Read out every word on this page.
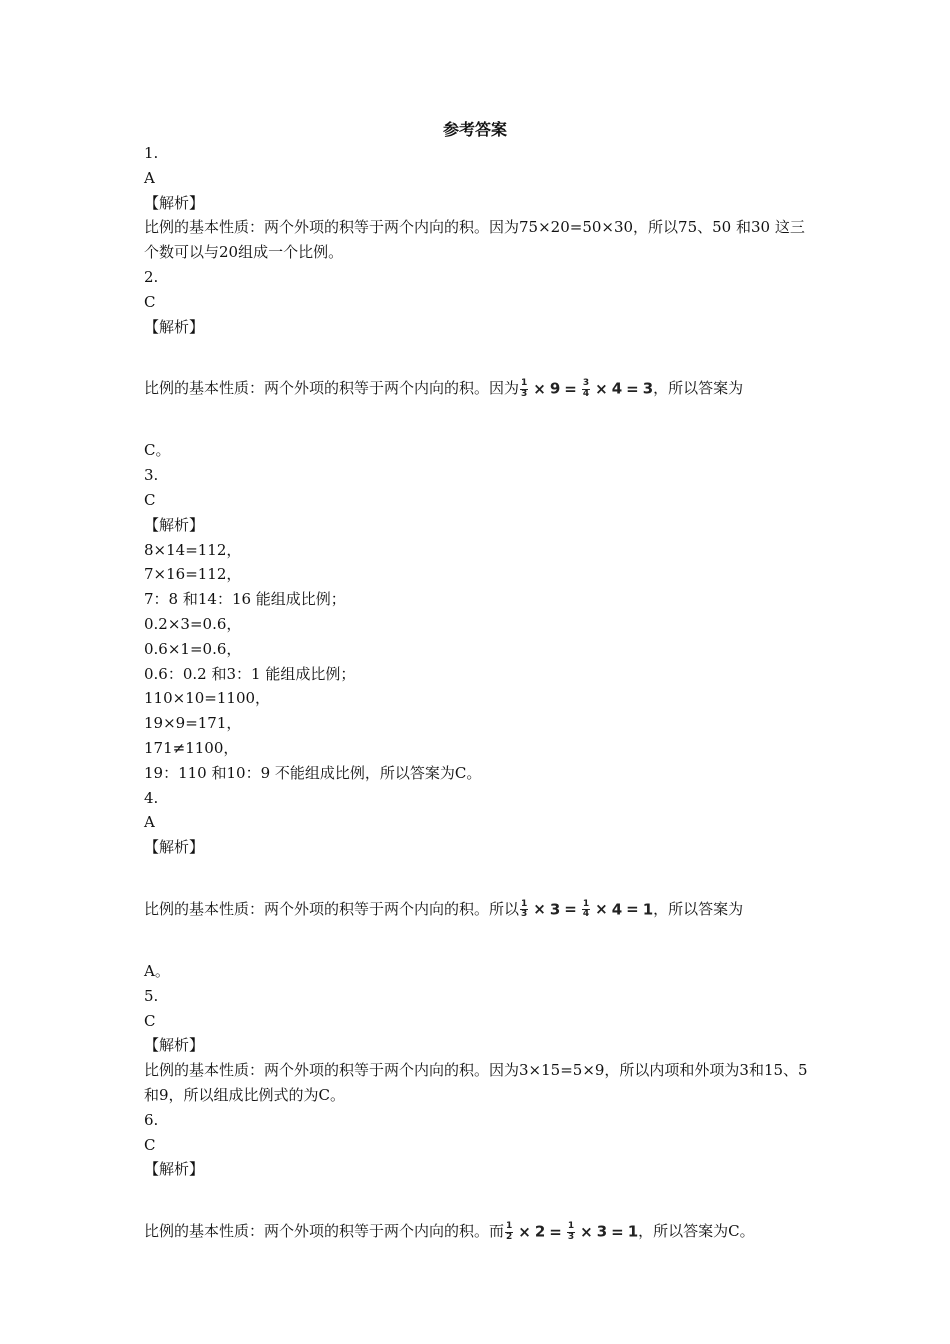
参考答案
1.
A
【解析】
比例的基本性质：两个外项的积等于两个内向的积。因为75×20=50×30，所以75、50 和30 这三个数可以与20组成一个比例。
2.
C
【解析】
比例的基本性质：两个外项的积等于两个内向的积。因为 $\frac{1}{3} \times 9 = \frac{3}{4} \times 4 = 3$，所以答案为
C。
3.
C
【解析】
8×14=112，
7×16=112，
7：8 和14：16 能组成比例；
0.2×3=0.6，
0.6×1=0.6，
0.6：0.2 和3：1 能组成比例；
110×10=1100，
19×9=171，
171≠1100，
19：110 和10：9 不能组成比例，所以答案为C。
4.
A
【解析】
比例的基本性质：两个外项的积等于两个内向的积。所以 $\frac{1}{3} \times 3 = \frac{1}{4} \times 4 = 1$，所以答案为
A。
5.
C
【解析】
比例的基本性质：两个外项的积等于两个内向的积。因为3×15=5×9，所以内项和外项为3和15、5和9，所以组成比例式的为C。
6.
C
【解析】
比例的基本性质：两个外项的积等于两个内向的积。而 $\frac{1}{2} \times 2 = \frac{1}{3} \times 3 = 1$，所以答案为C。
